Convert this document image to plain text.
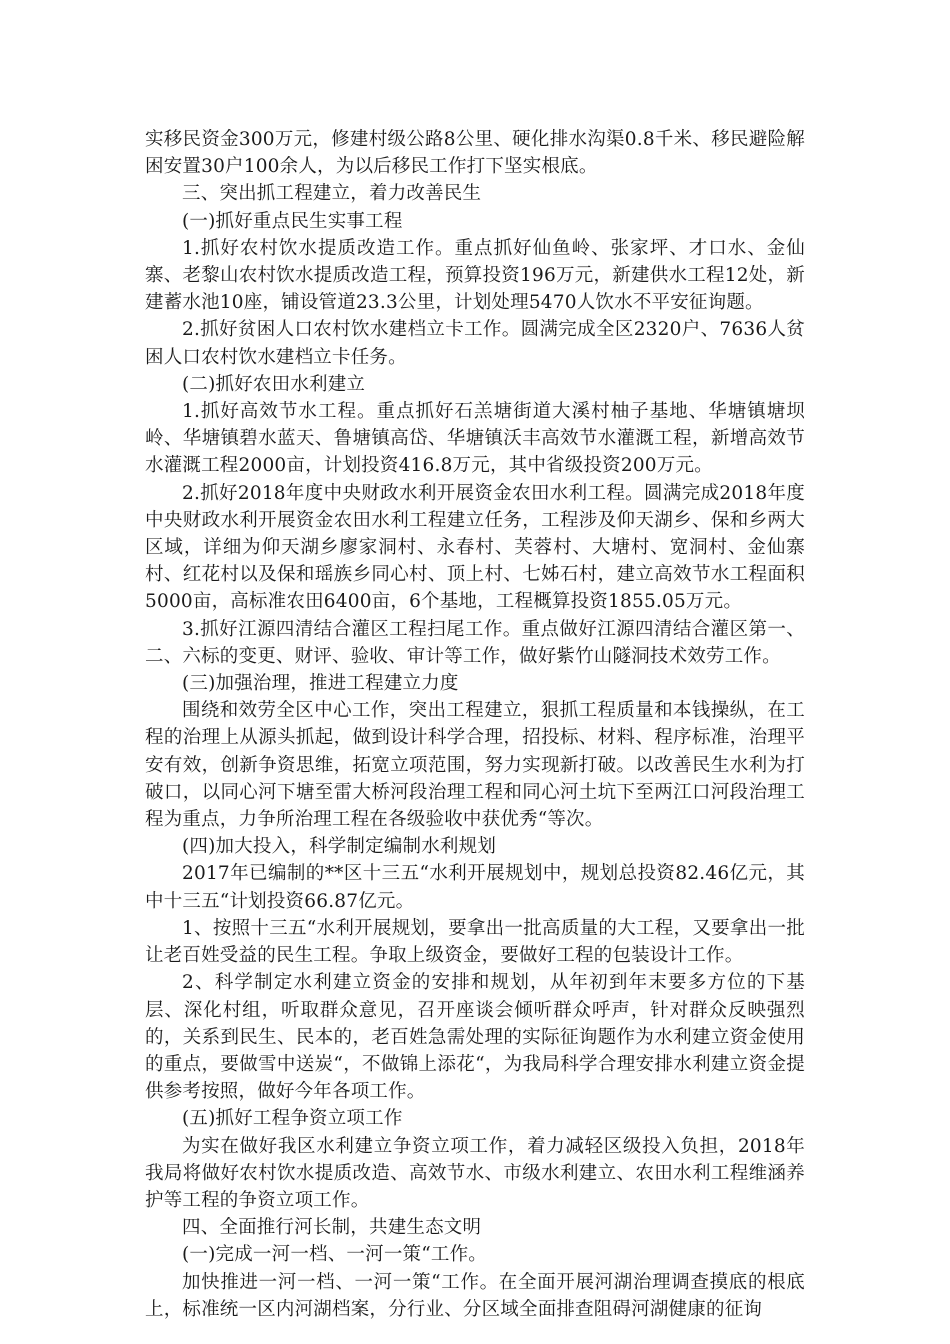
实移民资金300万元，修建村级公路8公里、硬化排水沟渠0.8千米、移民避险解困安置30户100余人，为以后移民工作打下坚实根底。

三、突出抓工程建立，着力改善民生

(一)抓好重点民生实事工程

1.抓好农村饮水提质改造工作。重点抓好仙鱼岭、张家坪、才口水、金仙寨、老黎山农村饮水提质改造工程，预算投资196万元，新建供水工程12处，新建蓄水池10座，铺设管道23.3公里，计划处理5470人饮水不平安征询题。

2.抓好贫困人口农村饮水建档立卡工作。圆满完成全区2320户、7636人贫困人口农村饮水建档立卡任务。

(二)抓好农田水利建立

1.抓好高效节水工程。重点抓好石羔塘街道大溪村柚子基地、华塘镇塘坝岭、华塘镇碧水蓝天、鲁塘镇高岱、华塘镇沃丰高效节水灌溉工程，新增高效节水灌溉工程2000亩，计划投资416.8万元，其中省级投资200万元。

2.抓好2018年度中央财政水利开展资金农田水利工程。圆满完成2018年度中央财政水利开展资金农田水利工程建立任务，工程涉及仰天湖乡、保和乡两大区域，详细为仰天湖乡廖家洞村、永春村、芙蓉村、大塘村、宽洞村、金仙寨村、红花村以及保和瑶族乡同心村、顶上村、七姊石村，建立高效节水工程面积5000亩，高标准农田6400亩，6个基地，工程概算投资1855.05万元。

3.抓好江源四清结合灌区工程扫尾工作。重点做好江源四清结合灌区第一、二、六标的变更、财评、验收、审计等工作，做好紫竹山隧洞技术效劳工作。

(三)加强治理，推进工程建立力度

围绕和效劳全区中心工作，突出工程建立，狠抓工程质量和本钱操纵，在工程的治理上从源头抓起，做到设计科学合理，招投标、材料、程序标准，治理平安有效，创新争资思维，拓宽立项范围，努力实现新打破。以改善民生水利为打破口，以同心河下塘至雷大桥河段治理工程和同心河土坑下至两江口河段治理工程为重点，力争所治理工程在各级验收中获优秀“等次。

(四)加大投入，科学制定编制水利规划

2017年已编制的**区十三五“水利开展规划中，规划总投资82.46亿元，其中十三五“计划投资66.87亿元。

1、按照十三五“水利开展规划，要拿出一批高质量的大工程，又要拿出一批让老百姓受益的民生工程。争取上级资金，要做好工程的包装设计工作。

2、科学制定水利建立资金的安排和规划，从年初到年末要多方位的下基层、深化村组，听取群众意见，召开座谈会倾听群众呼声，针对群众反映强烈的，关系到民生、民本的，老百姓急需处理的实际征询题作为水利建立资金使用的重点，要做雪中送炭“，不做锦上添花“，为我局科学合理安排水利建立资金提供参考按照，做好今年各项工作。

(五)抓好工程争资立项工作

为实在做好我区水利建立争资立项工作，着力减轻区级投入负担，2018年我局将做好农村饮水提质改造、高效节水、市级水利建立、农田水利工程维涵养护等工程的争资立项工作。

四、全面推行河长制，共建生态文明

(一)完成一河一档、一河一策“工作。

加快推进一河一档、一河一策“工作。在全面开展河湖治理调查摸底的根底上，标准统一区内河湖档案，分行业、分区域全面排查阻碍河湖健康的征询
